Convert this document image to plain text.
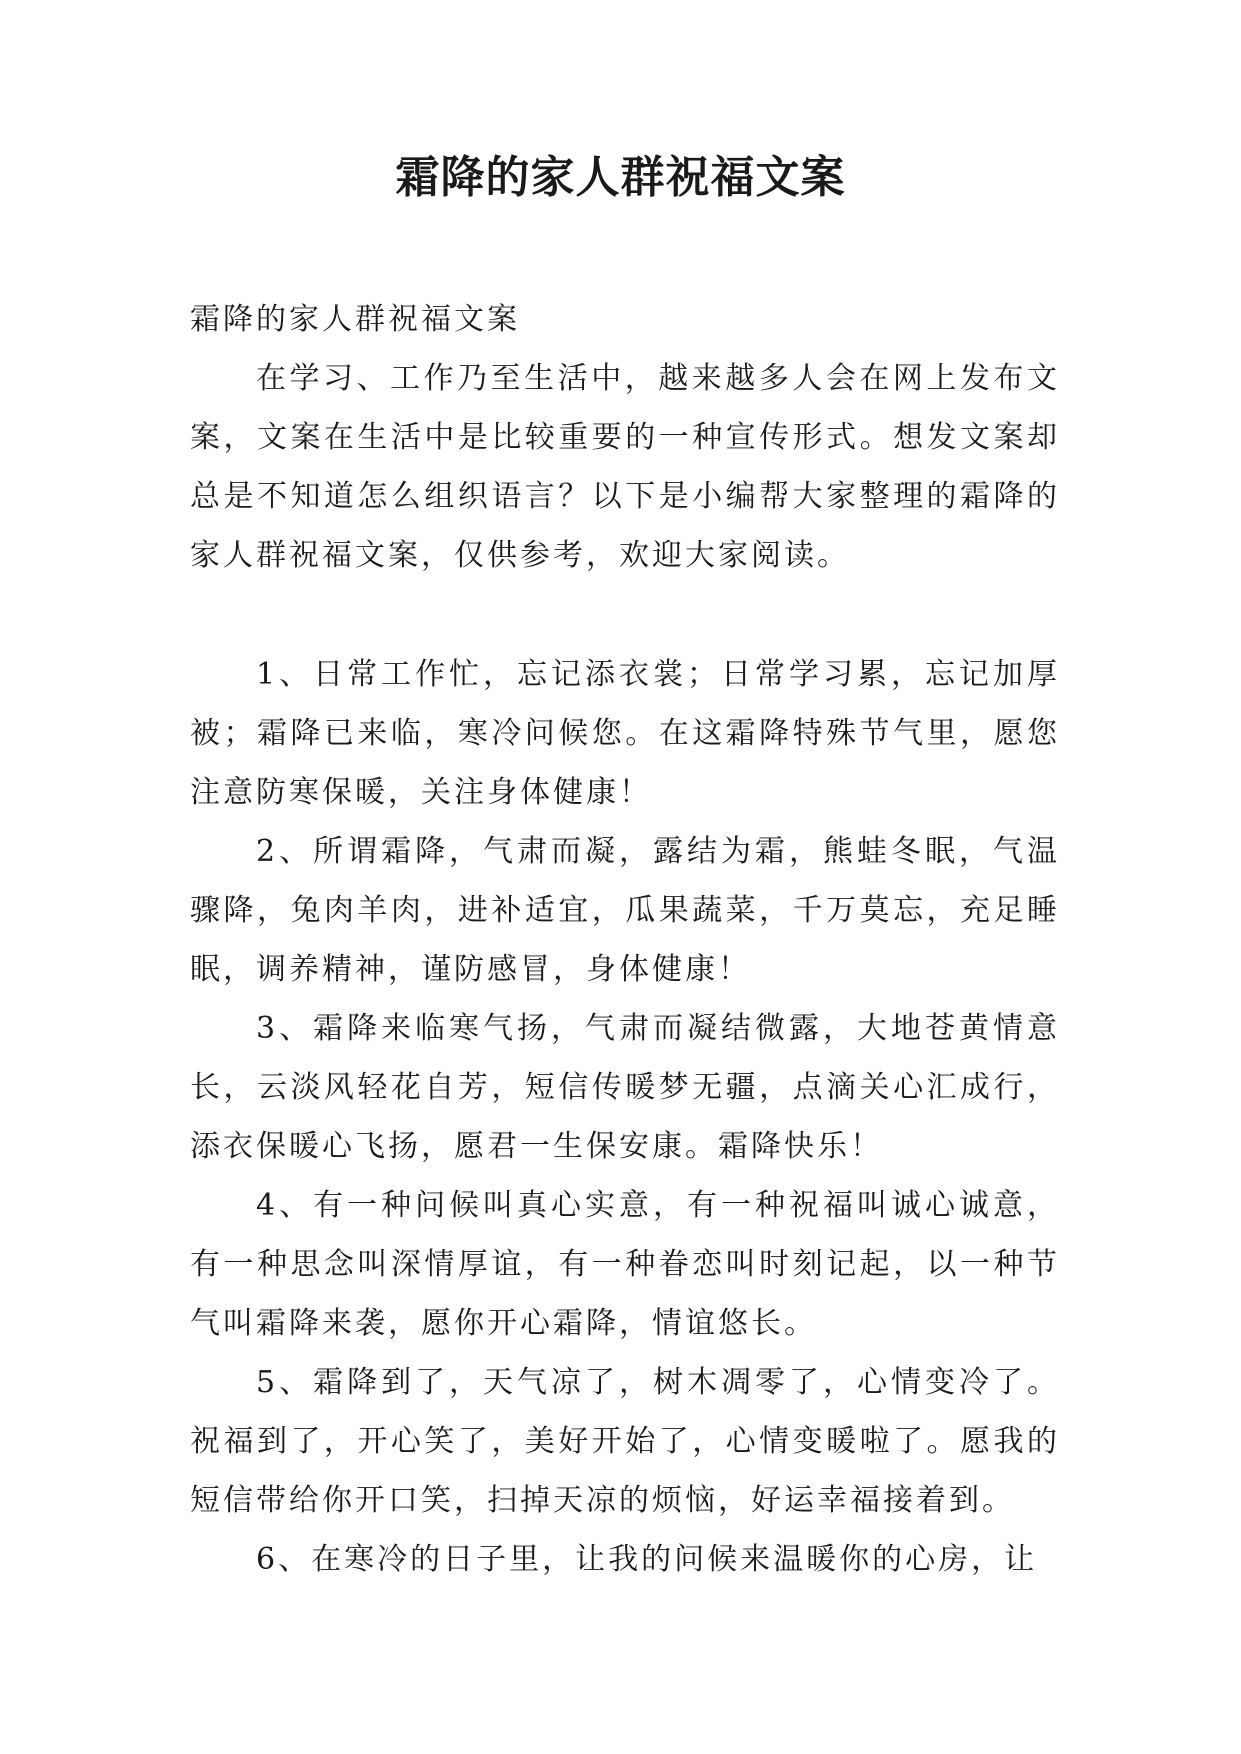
霜降的家人群祝福文案

霜降的家人群祝福文案

在学习、工作乃至生活中，越来越多人会在网上发布文案，文案在生活中是比较重要的一种宣传形式。想发文案却总是不知道怎么组织语言？以下是小编帮大家整理的霜降的家人群祝福文案，仅供参考，欢迎大家阅读。

1、日常工作忙，忘记添衣裳；日常学习累，忘记加厚被；霜降已来临，寒冷问候您。在这霜降特殊节气里，愿您注意防寒保暖，关注身体健康！

2、所谓霜降，气肃而凝，露结为霜，熊蛙冬眠，气温骤降，兔肉羊肉，进补适宜，瓜果蔬菜，千万莫忘，充足睡眠，调养精神，谨防感冒，身体健康！

3、霜降来临寒气扬，气肃而凝结微露，大地苍黄情意长，云淡风轻花自芳，短信传暖梦无疆，点滴关心汇成行，添衣保暖心飞扬，愿君一生保安康。霜降快乐！

4、有一种问候叫真心实意，有一种祝福叫诚心诚意，有一种思念叫深情厚谊，有一种眷恋叫时刻记起，以一种节气叫霜降来袭，愿你开心霜降，情谊悠长。

5、霜降到了，天气凉了，树木凋零了，心情变冷了。祝福到了，开心笑了，美好开始了，心情变暖啦了。愿我的短信带给你开口笑，扫掉天凉的烦恼，好运幸福接着到。

6、在寒冷的日子里，让我的问候来温暖你的心房，让
